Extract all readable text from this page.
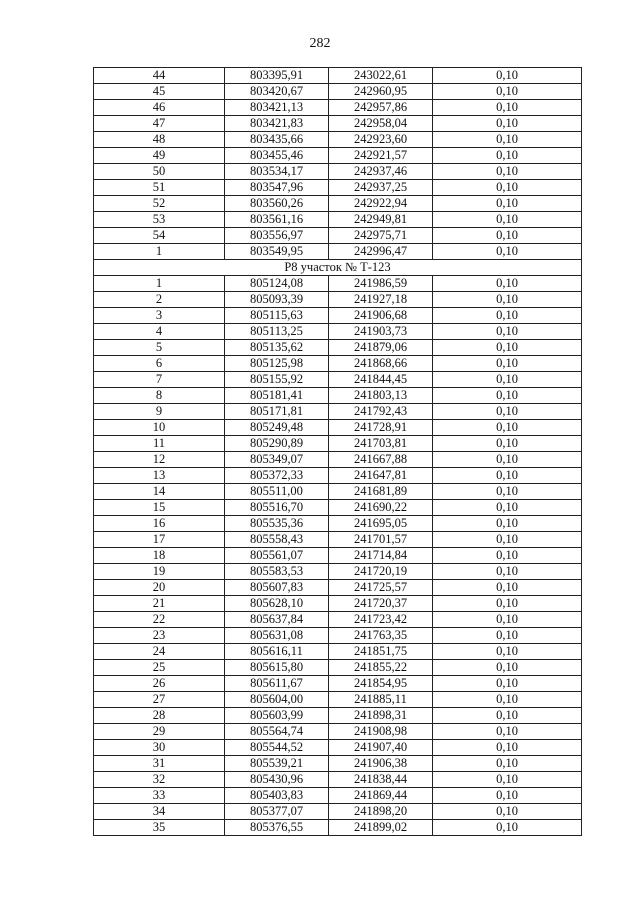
282
44	803395,91	243022,61	0,10
45	803420,67	242960,95	0,10
46	803421,13	242957,86	0,10
47	803421,83	242958,04	0,10
48	803435,66	242923,60	0,10
49	803455,46	242921,57	0,10
50	803534,17	242937,46	0,10
51	803547,96	242937,25	0,10
52	803560,26	242922,94	0,10
53	803561,16	242949,81	0,10
54	803556,97	242975,71	0,10
1	803549,95	242996,47	0,10
Р8 участок № Т-123			
1	805124,08	241986,59	0,10
2	805093,39	241927,18	0,10
3	805115,63	241906,68	0,10
4	805113,25	241903,73	0,10
5	805135,62	241879,06	0,10
6	805125,98	241868,66	0,10
7	805155,92	241844,45	0,10
8	805181,41	241803,13	0,10
9	805171,81	241792,43	0,10
10	805249,48	241728,91	0,10
11	805290,89	241703,81	0,10
12	805349,07	241667,88	0,10
13	805372,33	241647,81	0,10
14	805511,00	241681,89	0,10
15	805516,70	241690,22	0,10
16	805535,36	241695,05	0,10
17	805558,43	241701,57	0,10
18	805561,07	241714,84	0,10
19	805583,53	241720,19	0,10
20	805607,83	241725,57	0,10
21	805628,10	241720,37	0,10
22	805637,84	241723,42	0,10
23	805631,08	241763,35	0,10
24	805616,11	241851,75	0,10
25	805615,80	241855,22	0,10
26	805611,67	241854,95	0,10
27	805604,00	241885,11	0,10
28	805603,99	241898,31	0,10
29	805564,74	241908,98	0,10
30	805544,52	241907,40	0,10
31	805539,21	241906,38	0,10
32	805430,96	241838,44	0,10
33	805403,83	241869,44	0,10
34	805377,07	241898,20	0,10
35	805376,55	241899,02	0,10
